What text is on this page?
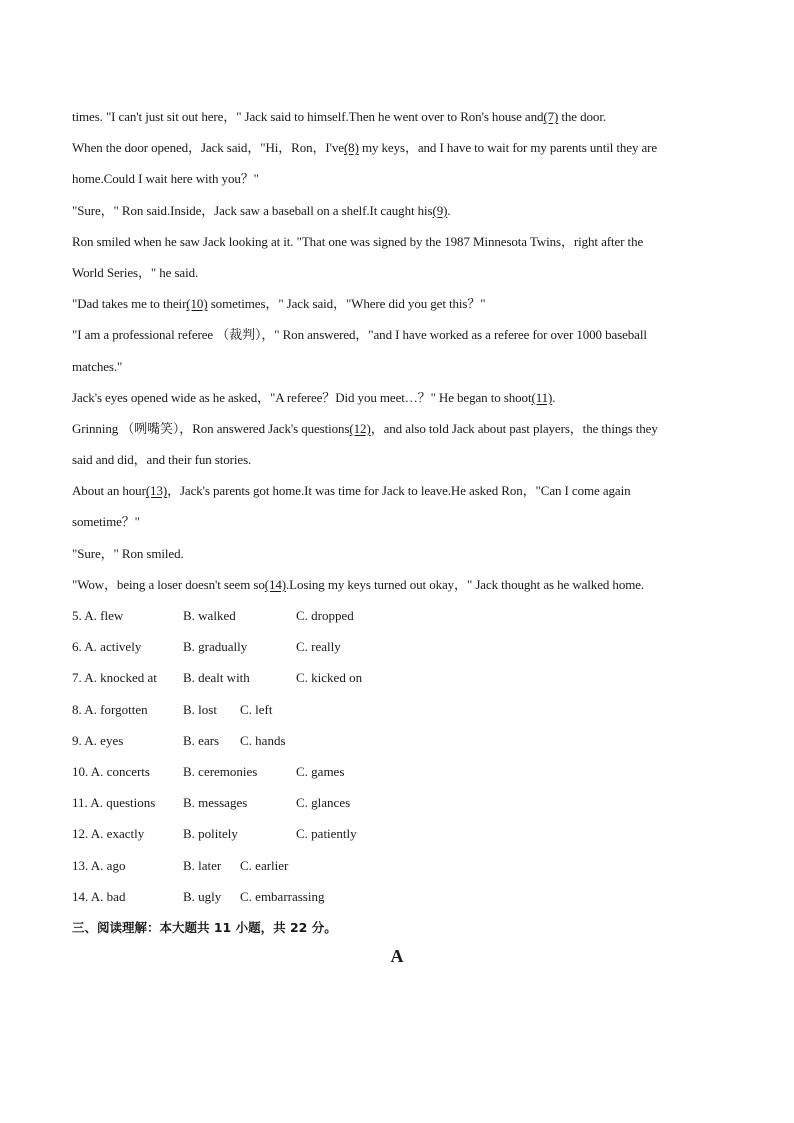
times. "I can't just sit out here，" Jack said to himself.Then he went over to Ron's house and(7) the door.
When the door opened，Jack said，"Hi，Ron，I've(8) my keys，and I have to wait for my parents until they are
home.Could I wait here with you？"
"Sure，" Ron said.Inside，Jack saw a baseball on a shelf.It caught his(9).
Ron smiled when he saw Jack looking at it. "That one was signed by the 1987 Minnesota Twins，right after the
World Series，" he said.
"Dad takes me to their(10) sometimes，" Jack said，"Where did you get this？"
"I am a professional referee （裁判），" Ron answered，"and I have worked as a referee for over 1000 baseball
matches."
Jack's eyes opened wide as he asked，"A referee？Did you meet…？" He began to shoot(11).
Grinning （咧嘴笑），Ron answered Jack's questions(12)，and also told Jack about past players，the things they
said and did，and their fun stories.
About an hour(13)，Jack's parents got home.It was time for Jack to leave.He asked Ron，"Can I come again
sometime？"
"Sure，" Ron smiled.
"Wow，being a loser doesn't seem so(14).Losing my keys turned out okay，" Jack thought as he walked home.
5. A. flew	B. walked	C. dropped
6. A. actively	B. gradually	C. really
7. A. knocked at B. dealt with	C. kicked on
8. A. forgotten	B. lost C. left
9. A. eyes	B. ears C. hands
10. A. concerts	B. ceremonies	C. games
11. A. questions B. messages	C. glances
12. A. exactly	B. politely	C. patiently
13. A. ago	B. later C. earlier
14. A. bad	B. ugly C. embarrassing
三、阅读理解：本大题共 11 小题，共 22 分。
A
